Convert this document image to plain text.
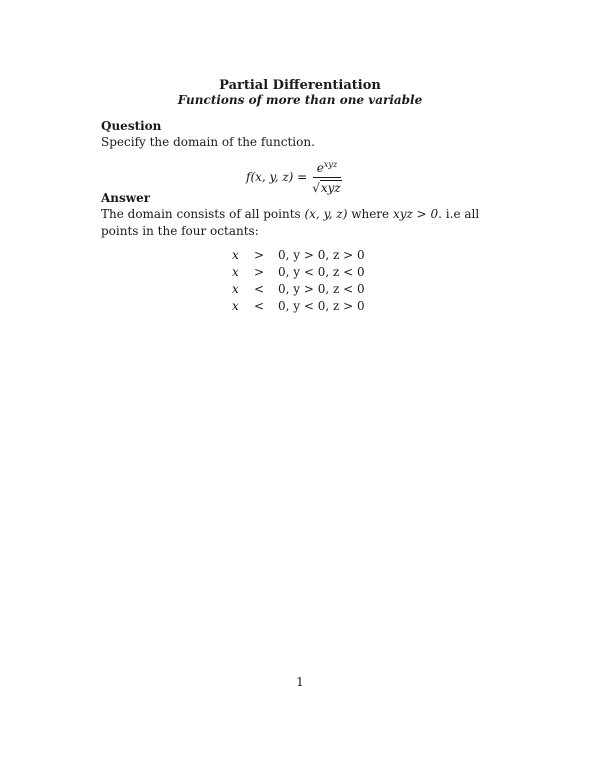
Partial Differentiation
Functions of more than one variable
Question
Specify the domain of the function.
f(x, y, $z) = \frac{e^{xyz}}{\text{√ xyz}}$
Answer
The domain consists of all points (x, y, z) where xyz > 0. i.e all points in the four octants:
x	>	0, y > 0, z > 0
x	>	0, y < 0, z < 0
x	<	0, y > 0, z < 0
x	<	0, y < 0, z > 0
1
